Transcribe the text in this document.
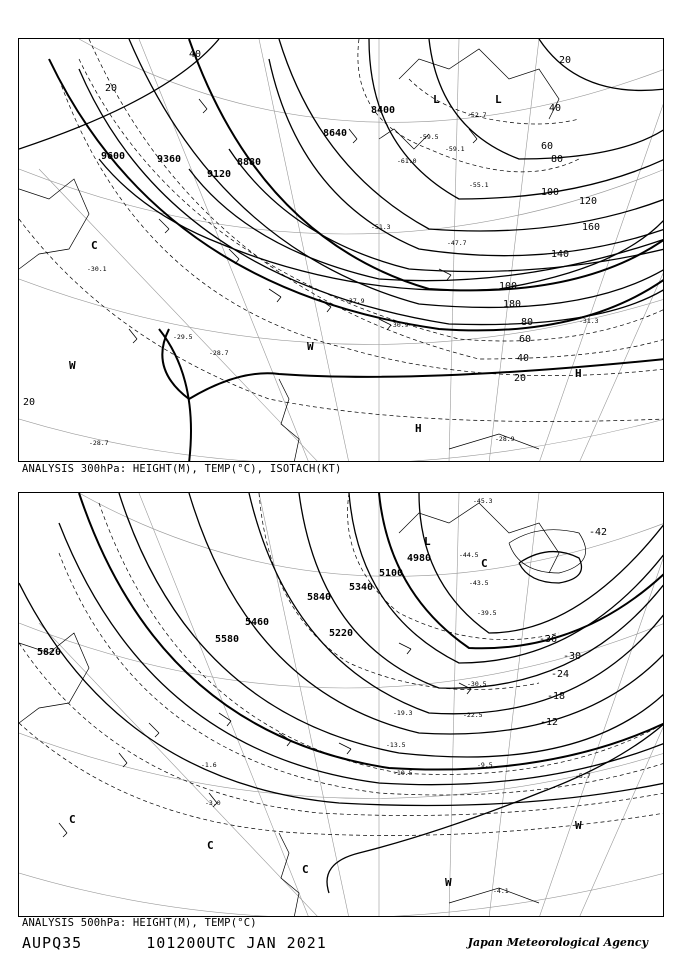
9600	9360
9120
8880
8640
8400
20
20
40
60
80
100
120
140
160
180
40
60
80
100
20
40
20
L	L
H
H
C
W
W
-30.1
-28.7
-29.5
-28.7
-31.3
-47.7
-52.7
-61.0
-59.1
-59.5
-51.3
-55.1
-28.9
-37.9
-30.9
ANALYSIS 300hPa: HEIGHT(M), TEMP(°C), ISOTACH(KT)
5820
5580
5340
5100
4980
5840
5460
5220
-42
-36
-30
-24
-18
-12
L
C
C
C
W
W
C
-45.3
-44.5
-43.5
-39.5
-30.5
-22.5
-19.3
-13.5
-10.5
-9.5
-5.7
-4.1
-3.0
-1.6
ANALYSIS 500hPa: HEIGHT(M), TEMP(°C)
AUPQ35	101200UTC JAN 2021	Japan Meteorological Agency
